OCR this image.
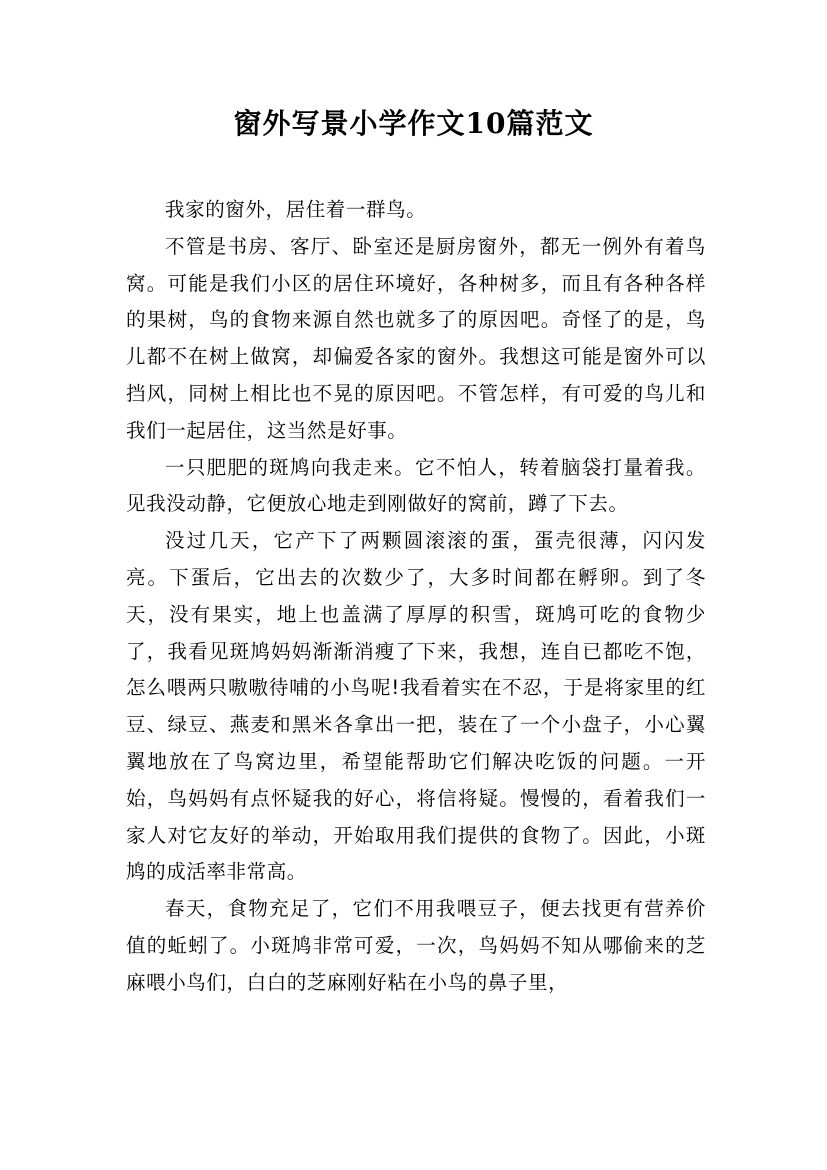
窗外写景小学作文10篇范文

我家的窗外，居住着一群鸟。

不管是书房、客厅、卧室还是厨房窗外，都无一例外有着鸟窝。可能是我们小区的居住环境好，各种树多，而且有各种各样的果树，鸟的食物来源自然也就多了的原因吧。奇怪了的是，鸟儿都不在树上做窝，却偏爱各家的窗外。我想这可能是窗外可以挡风，同树上相比也不晃的原因吧。不管怎样，有可爱的鸟儿和我们一起居住，这当然是好事。

一只肥肥的斑鸠向我走来。它不怕人，转着脑袋打量着我。见我没动静，它便放心地走到刚做好的窝前，蹲了下去。

没过几天，它产下了两颗圆滚滚的蛋，蛋壳很薄，闪闪发亮。下蛋后，它出去的次数少了，大多时间都在孵卵。到了冬天，没有果实，地上也盖满了厚厚的积雪，斑鸠可吃的食物少了，我看见斑鸠妈妈渐渐消瘦了下来，我想，连自已都吃不饱，怎么喂两只嗷嗷待哺的小鸟呢!我看着实在不忍，于是将家里的红豆、绿豆、燕麦和黑米各拿出一把，装在了一个小盘子，小心翼翼地放在了鸟窝边里，希望能帮助它们解决吃饭的问题。一开始，鸟妈妈有点怀疑我的好心，将信将疑。慢慢的，看着我们一家人对它友好的举动，开始取用我们提供的食物了。因此，小斑鸠的成活率非常高。

春天，食物充足了，它们不用我喂豆子，便去找更有营养价值的蚯蚓了。小斑鸠非常可爱，一次，鸟妈妈不知从哪偷来的芝麻喂小鸟们，白白的芝麻刚好粘在小鸟的鼻子里，
